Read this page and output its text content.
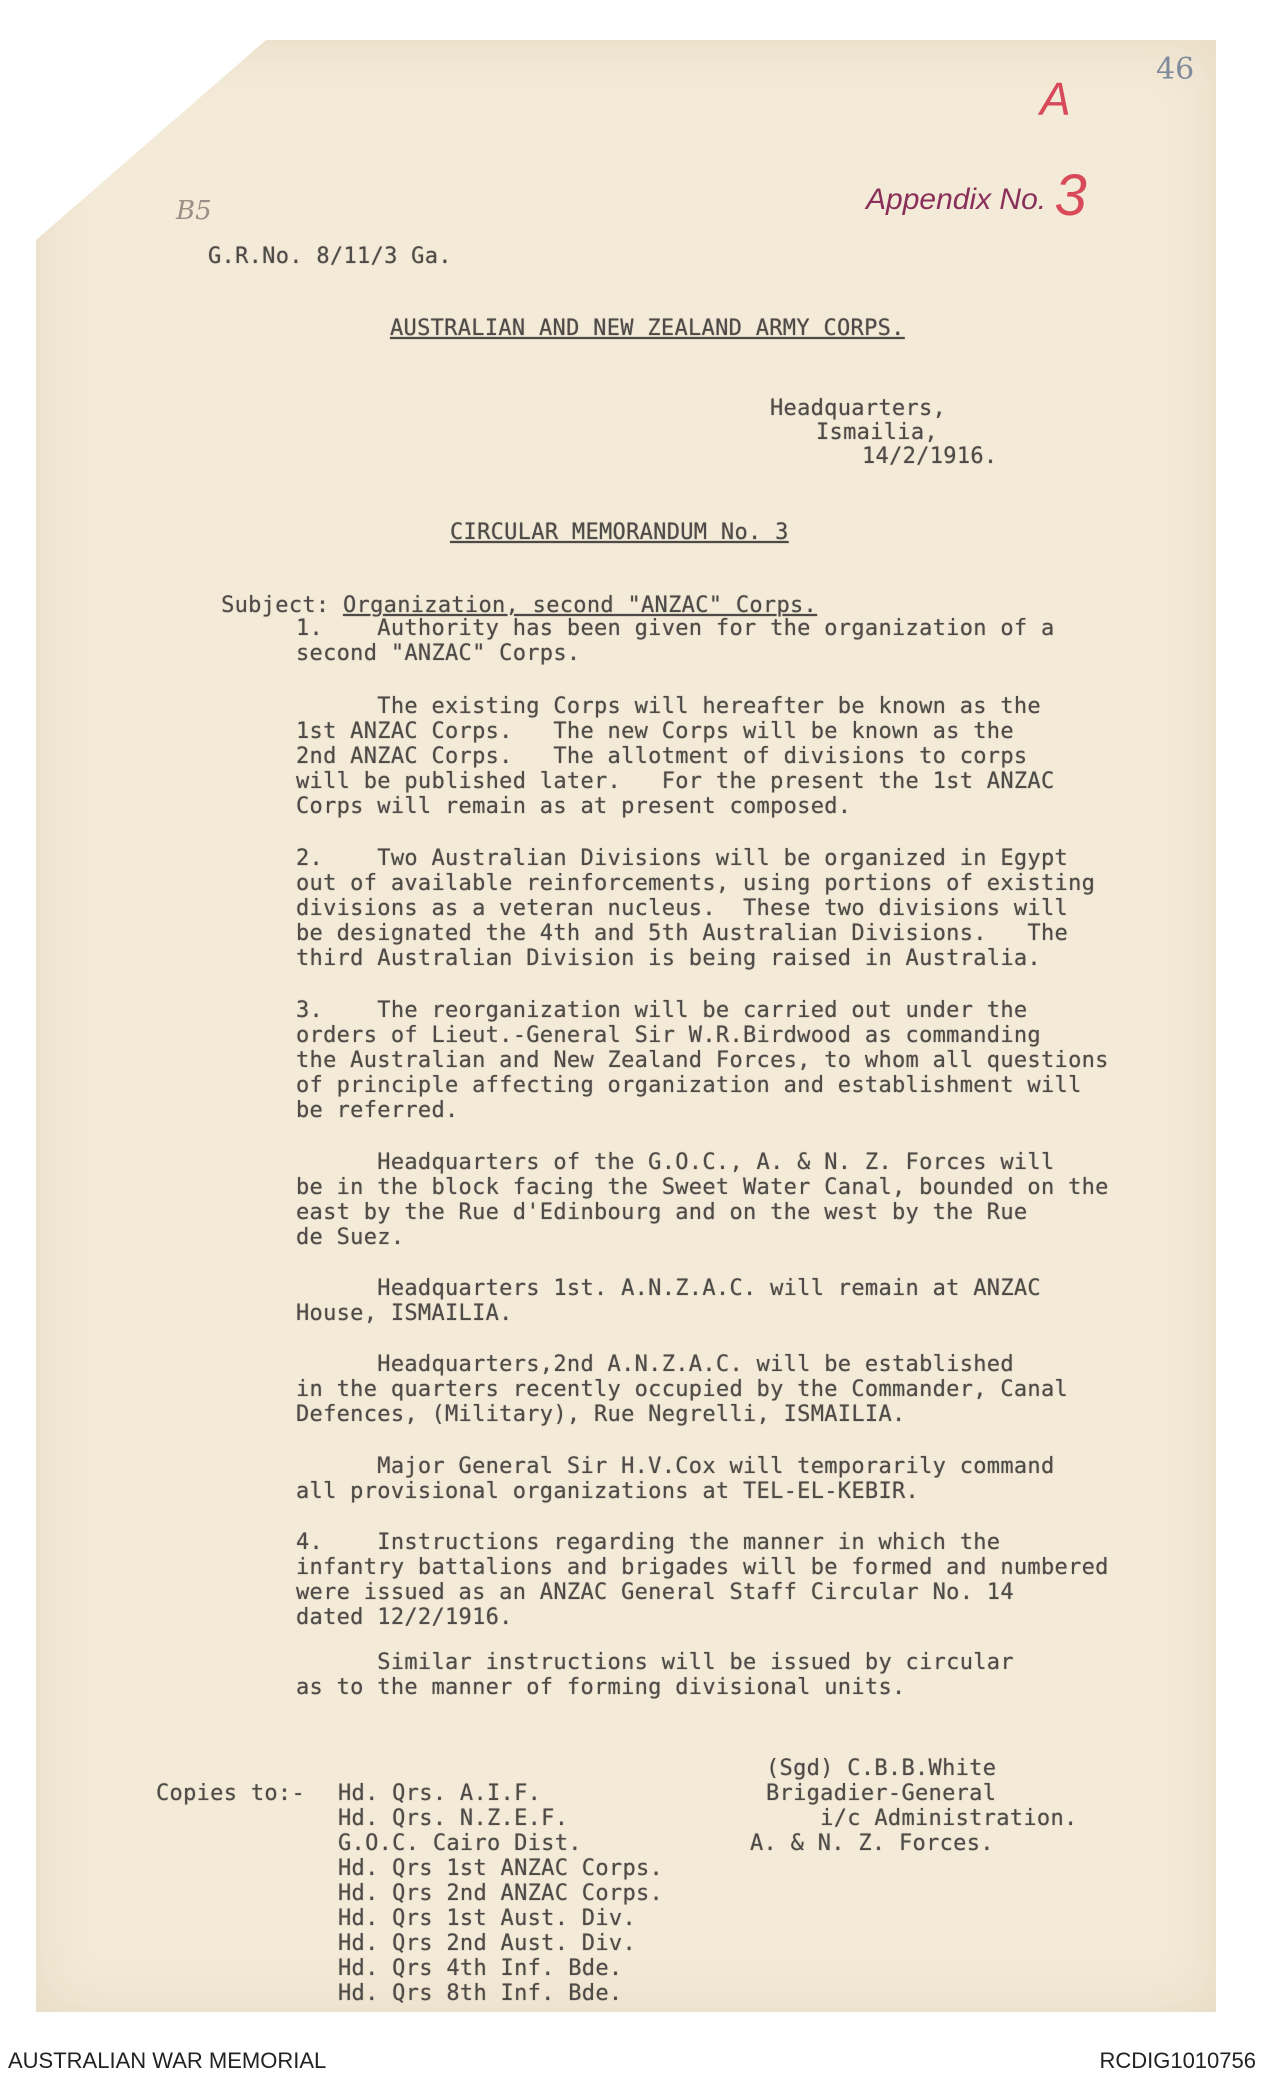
46
A
Appendix No. 3
B5
G.R.No. 8/11/3 Ga.
AUSTRALIAN AND NEW ZEALAND ARMY CORPS.
Headquarters,
Ismailia,
14/2/1916.
CIRCULAR MEMORANDUM No. 3

Subject: Organization, second "ANZAC" Corps.

1.    Authority has been given for the organization of a
second "ANZAC" Corps.
The existing Corps will hereafter be known as the
1st ANZAC Corps.   The new Corps will be known as the
2nd ANZAC Corps.   The allotment of divisions to corps
will be published later.   For the present the 1st ANZAC
Corps will remain as at present composed.
2.    Two Australian Divisions will be organized in Egypt
out of available reinforcements, using portions of existing
divisions as a veteran nucleus.  These two divisions will
be designated the 4th and 5th Australian Divisions.   The
third Australian Division is being raised in Australia.
3.    The reorganization will be carried out under the
orders of Lieut.-General Sir W.R.Birdwood as commanding
the Australian and New Zealand Forces, to whom all questions
of principle affecting organization and establishment will
be referred.
Headquarters of the G.O.C., A. & N. Z. Forces will
be in the block facing the Sweet Water Canal, bounded on the
east by the Rue d'Edinbourg and on the west by the Rue
de Suez.
Headquarters 1st. A.N.Z.A.C. will remain at ANZAC
House, ISMAILIA.
Headquarters,2nd A.N.Z.A.C. will be established
in the quarters recently occupied by the Commander, Canal
Defences, (Military), Rue Negrelli, ISMAILIA.
Major General Sir H.V.Cox will temporarily command
all provisional organizations at TEL-EL-KEBIR.
4.    Instructions regarding the manner in which the
infantry battalions and brigades will be formed and numbered
were issued as an ANZAC General Staff Circular No. 14
dated 12/2/1916.
Similar instructions will be issued by circular
as to the manner of forming divisional units.
(Sgd) C.B.B.White
Brigadier-General
i/c Administration.
A. & N. Z. Forces.
Copies to:- Hd. Qrs. A.I.F.
Hd. Qrs. N.Z.E.F.
G.O.C. Cairo Dist.
Hd. Qrs 1st ANZAC Corps.
Hd. Qrs 2nd ANZAC Corps.
Hd. Qrs 1st Aust. Div.
Hd. Qrs 2nd Aust. Div.
Hd. Qrs 4th Inf. Bde.
Hd. Qrs 8th Inf. Bde.
AUSTRALIAN WAR MEMORIAL	RCDIG1010756
